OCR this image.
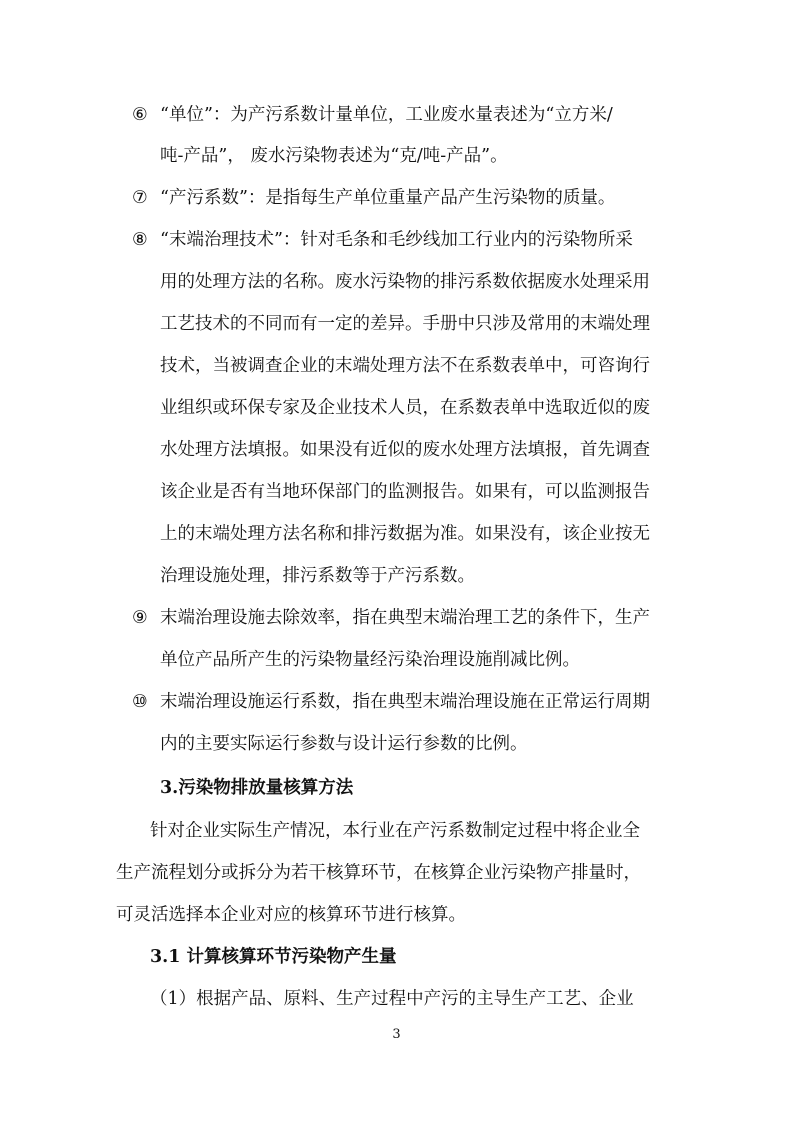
⑥ “单位”：为产污系数计量单位，工业废水量表述为“立方米/
吨-产品”， 废水污染物表述为“克/吨-产品”。
⑦ “产污系数”：是指每生产单位重量产品产生污染物的质量。
⑧ “末端治理技术”：针对毛条和毛纱线加工行业内的污染物所采
用的处理方法的名称。废水污染物的排污系数依据废水处理采用
工艺技术的不同而有一定的差异。手册中只涉及常用的末端处理
技术，当被调查企业的末端处理方法不在系数表单中，可咨询行
业组织或环保专家及企业技术人员，在系数表单中选取近似的废
水处理方法填报。如果没有近似的废水处理方法填报，首先调查
该企业是否有当地环保部门的监测报告。如果有，可以监测报告
上的末端处理方法名称和排污数据为准。如果没有，该企业按无
治理设施处理，排污系数等于产污系数。
⑨ 末端治理设施去除效率，指在典型末端治理工艺的条件下，生产
单位产品所产生的污染物量经污染治理设施削减比例。
⑩ 末端治理设施运行系数，指在典型末端治理设施在正常运行周期
内的主要实际运行参数与设计运行参数的比例。
3.污染物排放量核算方法
针对企业实际生产情况，本行业在产污系数制定过程中将企业全
生产流程划分或拆分为若干核算环节，在核算企业污染物产排量时，
可灵活选择本企业对应的核算环节进行核算。
3.1 计算核算环节污染物产生量
（1）根据产品、原料、生产过程中产污的主导生产工艺、企业
3
